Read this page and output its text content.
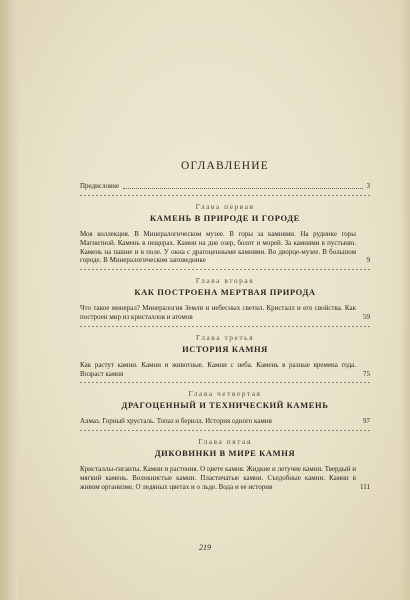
ОГЛАВЛЕНИЕ
Предисловие	3

Глава первая

КАМЕНЬ В ПРИРОДЕ И ГОРОДЕ

Моя коллекция. В Минералогическом музее. В горы за камнями. На руднике горы Магнитной. Камень в пещерах. Камни на дне озер, болот и морей. За камнями в пустыню. Камень на пашне и в поле. У окна с драгоценными камнями. Во дворце-музее. В большом городе. В Минералогическом заповеднике	9

Глава вторая

КАК ПОСТРОЕНА МЕРТВАЯ ПРИРОДА

Что такое минерал? Минералогия Земли и небесных светил. Кристалл и его свойства. Как построен мир из кристаллов и атомов	59

Глава третья

ИСТОРИЯ КАМНЯ

Как растут камни. Камни и животные. Камни с неба. Камень в разные времена года. Возраст камня	75

Глава четвертая

ДРАГОЦЕННЫЙ И ТЕХНИЧЕСКИЙ КАМЕНЬ

Алмаз. Горный хрусталь. Топаз и берилл. История одного камня	97

Глава пятая

ДИКОВИНКИ В МИРЕ КАМНЯ

Кристаллы-гиганты. Камни и растения. О цвете камня. Жидкие и летучие камни. Твердый и мягкий камень. Волокнистые камни. Пластичатые камни. Съедобные камни. Камни в живом организме. О ледяных цветах и о льде. Вода и ее история	111
219
